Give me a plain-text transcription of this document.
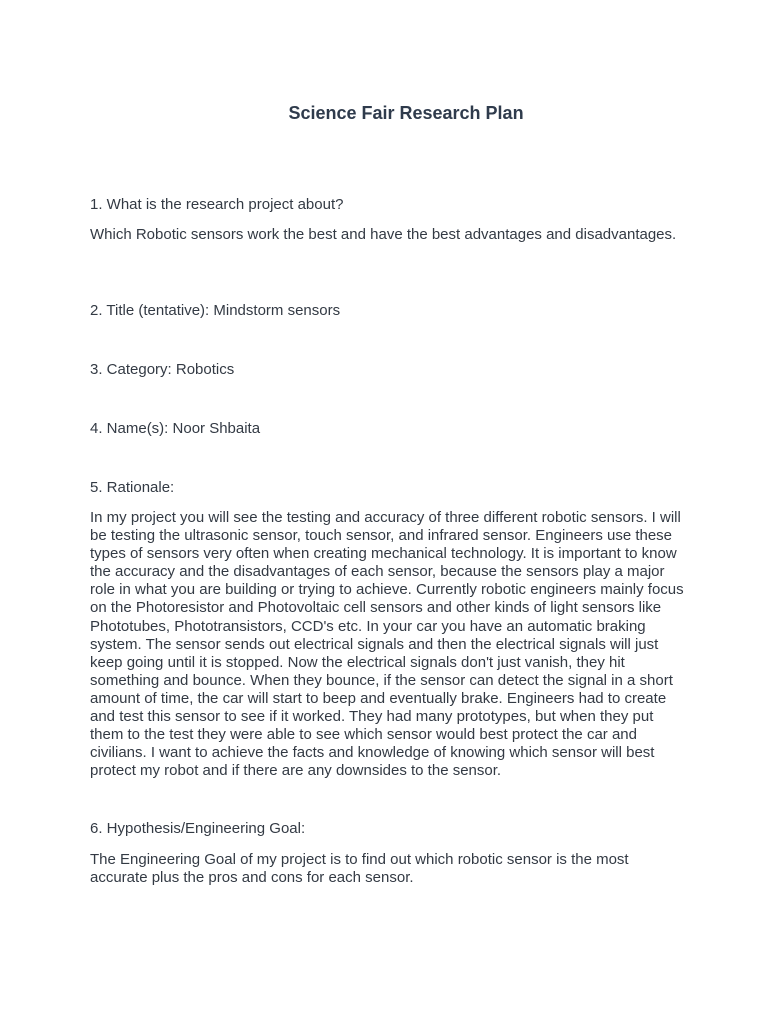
Science Fair Research Plan

1. What is the research project about?

Which Robotic sensors work the best and have the best advantages and disadvantages.

2. Title (tentative): Mindstorm sensors

3. Category: Robotics

4. Name(s): Noor Shbaita

5. Rationale:

In my project you will see the testing and accuracy of three different robotic sensors. I will be testing the ultrasonic sensor, touch sensor, and infrared sensor. Engineers use these types of sensors very often when creating mechanical technology. It is important to know the accuracy and the disadvantages of each sensor, because the sensors play a major role in what you are building or trying to achieve. Currently robotic engineers mainly focus on the Photoresistor and Photovoltaic cell sensors and other kinds of light sensors like Phototubes, Phototransistors, CCD's etc. In your car you have an automatic braking system. The sensor sends out electrical signals and then the electrical signals will just keep going until it is stopped. Now the electrical signals don't just vanish, they hit something and bounce. When they bounce, if the sensor can detect the signal in a short amount of time, the car will start to beep and eventually brake. Engineers had to create and test this sensor to see if it worked. They had many prototypes, but when they put them to the test they were able to see which sensor would best protect the car and civilians. I want to achieve the facts and knowledge of knowing which sensor will best protect my robot and if there are any downsides to the sensor.

6. Hypothesis/Engineering Goal:

The Engineering Goal of my project is to find out which robotic sensor is the most accurate plus the pros and cons for each sensor.
